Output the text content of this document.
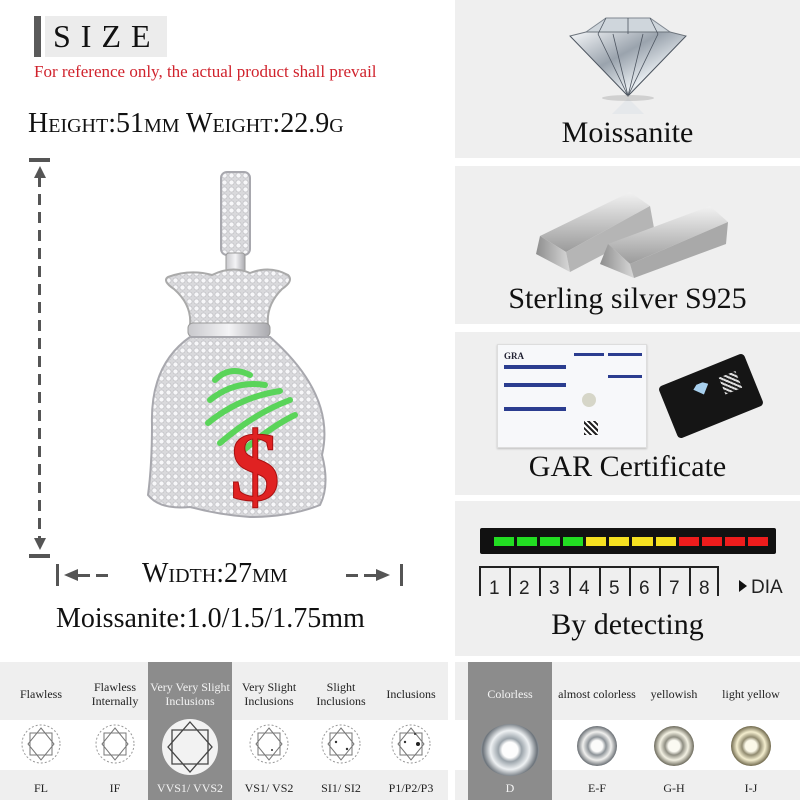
SIZE
For reference only, the actual product shall prevail
Height:51mm Weight:22.9g
$
Width:27mm
Moissanite:1.0/1.5/1.75mm
Moissanite
Sterling silver S925
GRA
GAR Certificate
1 2 3 4 5 6 7 8	DIA
By detecting
Flawless
FL
Flawless Internally
IF
Very Very Slight Inclusions
VVS1/ VVS2
Very Slight Inclusions
VS1/ VS2
Slight Inclusions
SI1/ SI2
Inclusions
P1/P2/P3
Colorless
D
almost colorless
E-F
yellowish
G-H
light yellow
I-J
